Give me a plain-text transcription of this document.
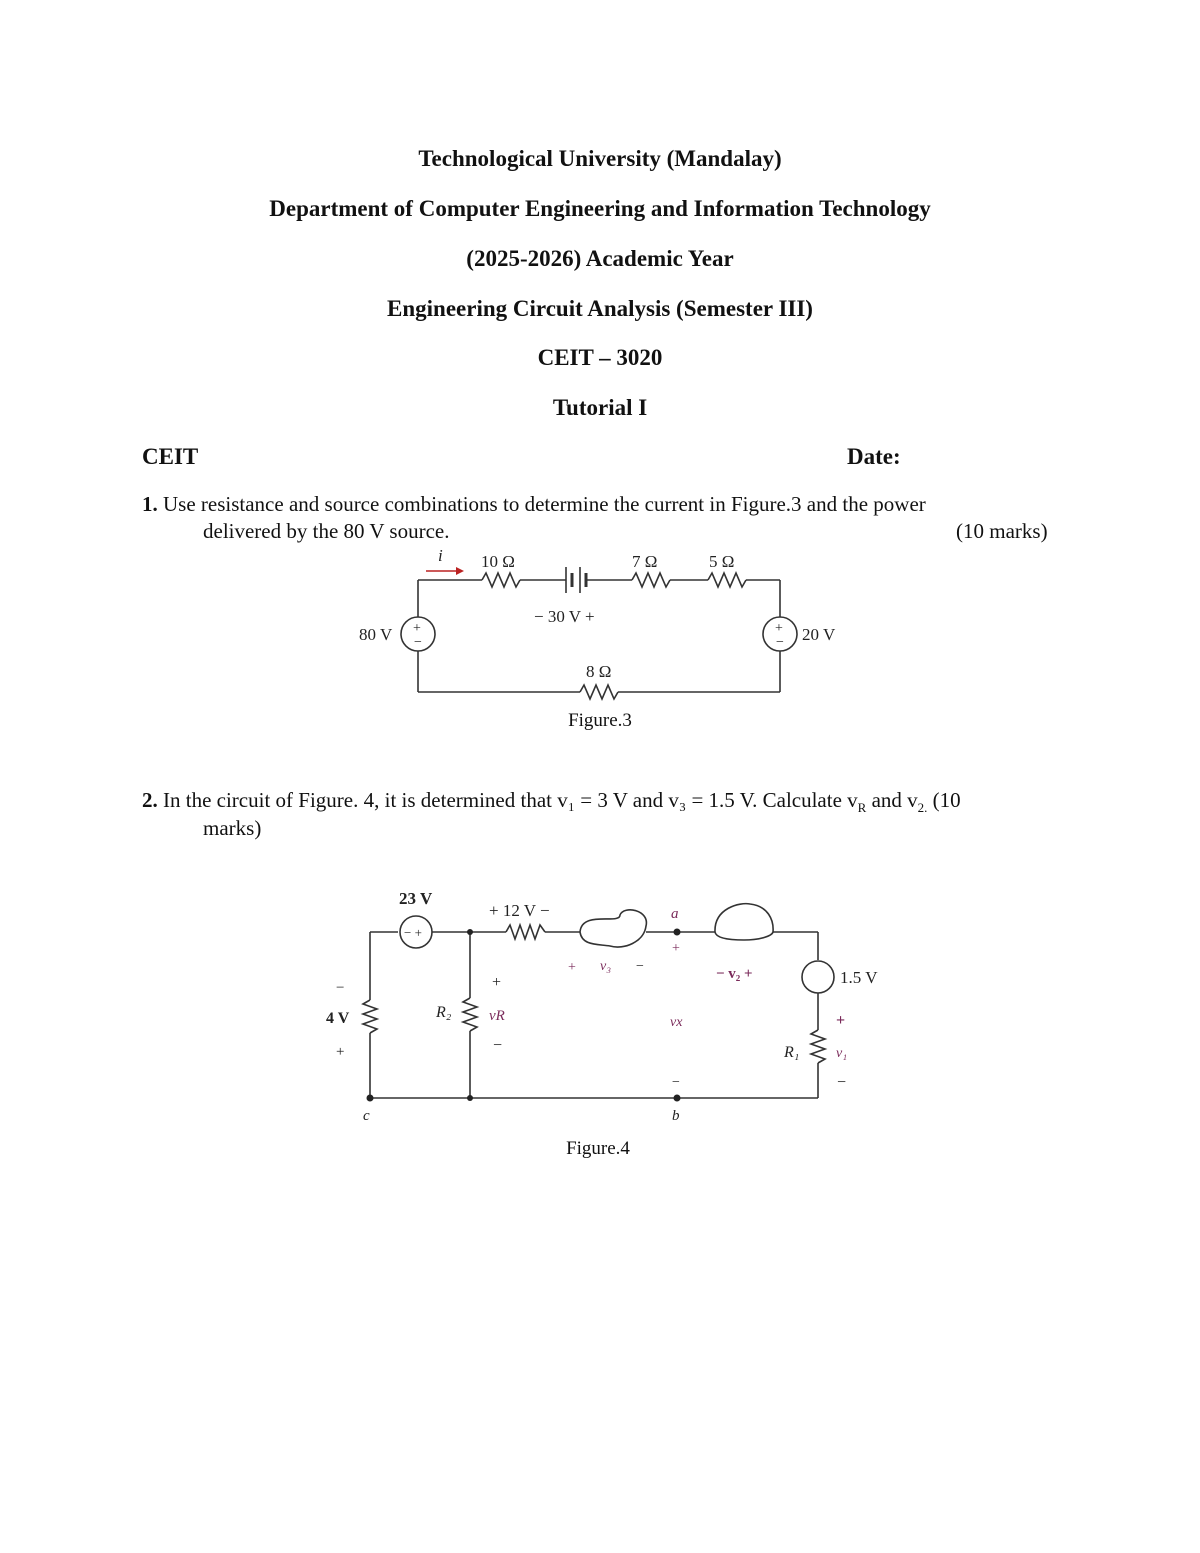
Technological University (Mandalay)
Department of Computer Engineering and Information Technology
(2025-2026) Academic Year
Engineering Circuit Analysis (Semester III)
CEIT – 3020
Tutorial I
CEIT	Date:
1. Use resistance and source combinations to determine the current in Figure.3 and the power
delivered by the 80 V source.	(10 marks)
i 10 Ω	7 Ω	5 Ω
− 30 V +
8 Ω
80 V +
−	20 V
+
−
Figure.3
2. In the circuit of Figure. 4, it is determined that v₁ = 3 V and v₃ = 1.5 V. Calculate $v_R$ and $v_{2.}$ (10
marks)
23 V
− +
+ 12 V −
+ v₃ −
a
+
vx
−
b
c
− v₂ +	1.5 V
4 V
−
+
R₂
+
vR
−	R₁
+
v₁
−
Figure.4
